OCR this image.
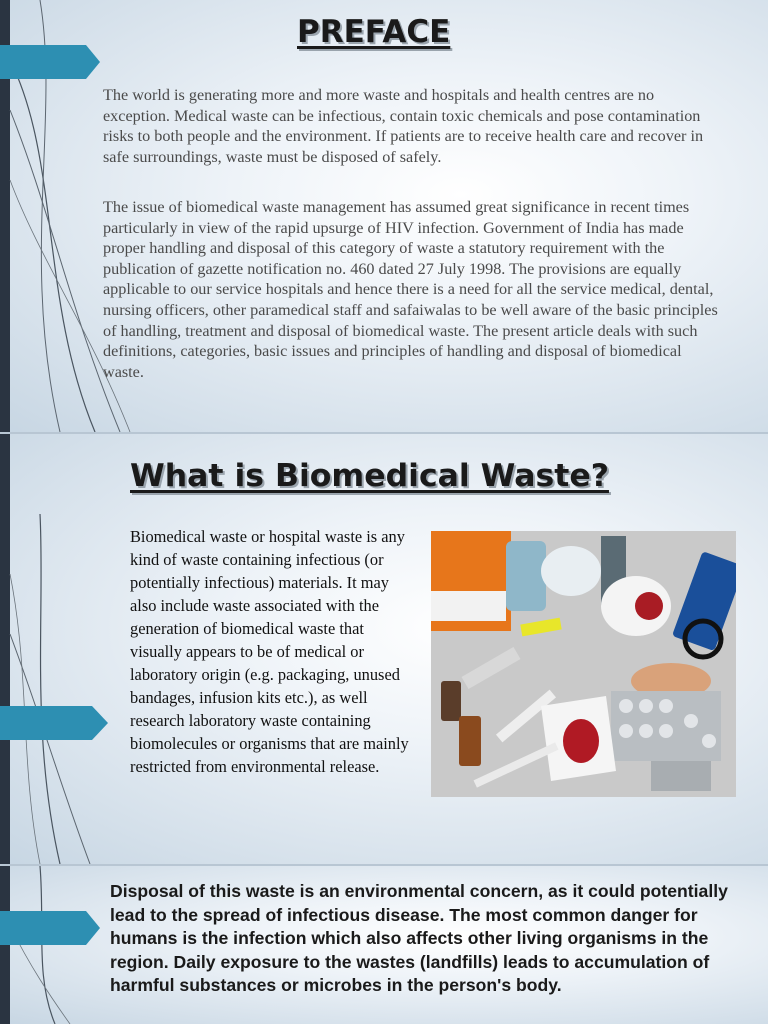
PREFACE

The world is generating more and more waste and hospitals and health centres are no exception. Medical waste can be infectious, contain toxic chemicals and pose contamination risks to both people and the environment. If patients are to receive health care and recover in safe surroundings, waste must be disposed of safely.

The issue of biomedical waste management has assumed great significance in recent times particularly in view of the rapid upsurge of HIV infection. Government of India has made proper handling and disposal of this category of waste a statutory requirement with the publication of gazette notification no. 460 dated 27 July 1998. The provisions are equally applicable to our service hospitals and hence there is a need for all the service medical, dental, nursing officers, other paramedical staff and safaiwalas to be well aware of the basic principles of handling, treatment and disposal of biomedical waste. The present article deals with such definitions, categories, basic issues and principles of handling and disposal of biomedical waste.

What is Biomedical Waste?

Biomedical waste or hospital waste is any kind of waste containing infectious (or potentially infectious) materials. It may also include waste associated with the generation of biomedical waste that visually appears to be of medical or laboratory origin (e.g. packaging, unused bandages, infusion kits etc.), as well research laboratory waste containing biomolecules or organisms that are mainly restricted from environmental release.

Disposal of this waste is an environmental concern, as it could potentially lead to the spread of infectious disease. The most common danger for humans is the infection which also affects other living organisms in the region. Daily exposure to the wastes (landfills) leads to accumulation of harmful substances or microbes in the person's body.
